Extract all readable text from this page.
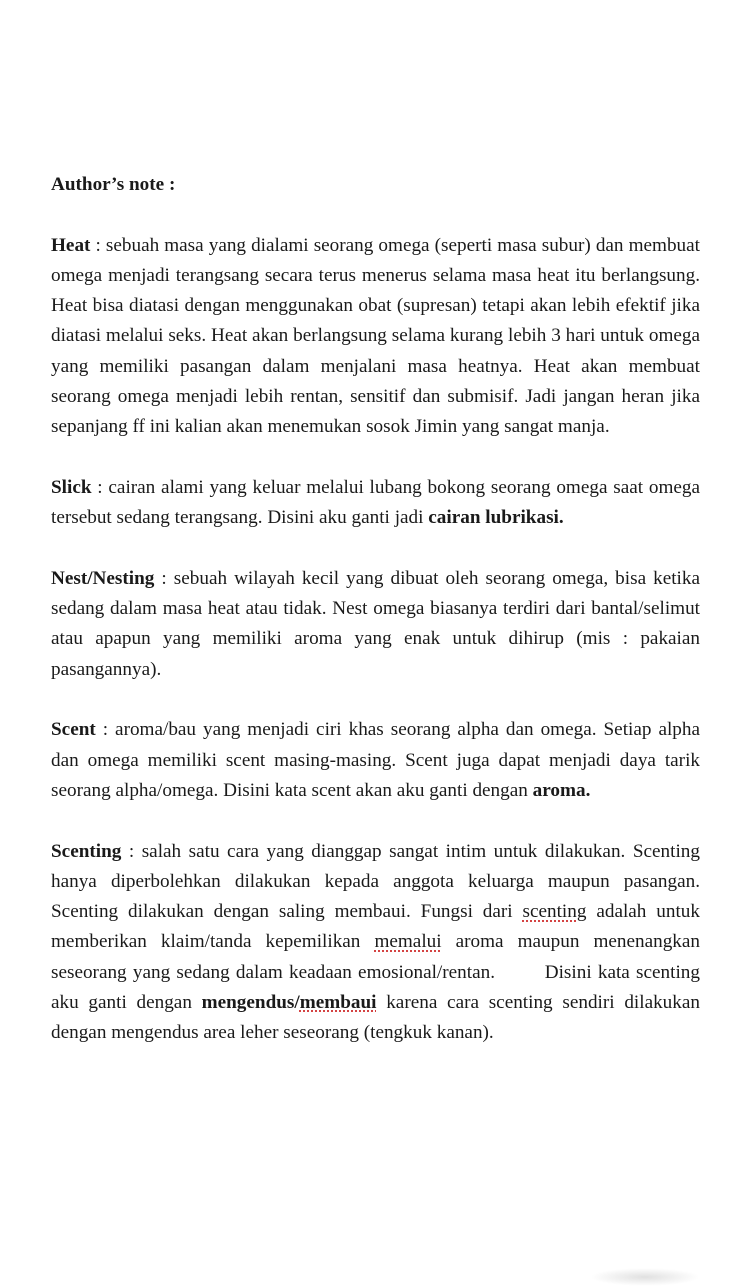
Author’s note :

Heat : sebuah masa yang dialami seorang omega (seperti masa subur) dan membuat omega menjadi terangsang secara terus menerus selama masa heat itu berlangsung. Heat bisa diatasi dengan menggunakan obat (supresan) tetapi akan lebih efektif jika diatasi melalui seks. Heat akan berlangsung selama kurang lebih 3 hari untuk omega yang memiliki pasangan dalam menjalani masa heatnya. Heat akan membuat seorang omega menjadi lebih rentan, sensitif dan submisif. Jadi jangan heran jika sepanjang ff ini kalian akan menemukan sosok Jimin yang sangat manja.

Slick : cairan alami yang keluar melalui lubang bokong seorang omega saat omega tersebut sedang terangsang. Disini aku ganti jadi cairan lubrikasi.

Nest/Nesting : sebuah wilayah kecil yang dibuat oleh seorang omega, bisa ketika sedang dalam masa heat atau tidak. Nest omega biasanya terdiri dari bantal/selimut atau apapun yang memiliki aroma yang enak untuk dihirup (mis : pakaian pasangannya).

Scent : aroma/bau yang menjadi ciri khas seorang alpha dan omega. Setiap alpha dan omega memiliki scent masing-masing. Scent juga dapat menjadi daya tarik seorang alpha/omega. Disini kata scent akan aku ganti dengan aroma.

Scenting : salah satu cara yang dianggap sangat intim untuk dilakukan. Scenting hanya diperbolehkan dilakukan kepada anggota keluarga maupun pasangan. Scenting dilakukan dengan saling membaui. Fungsi dari scenting adalah untuk memberikan klaim/tanda kepemilikan memalui aroma maupun menenangkan seseorang yang sedang dalam keadaan emosional/rentan.        Disini kata scenting aku ganti dengan mengendus/membaui karena cara scenting sendiri dilakukan dengan mengendus area leher seseorang (tengkuk kanan).
